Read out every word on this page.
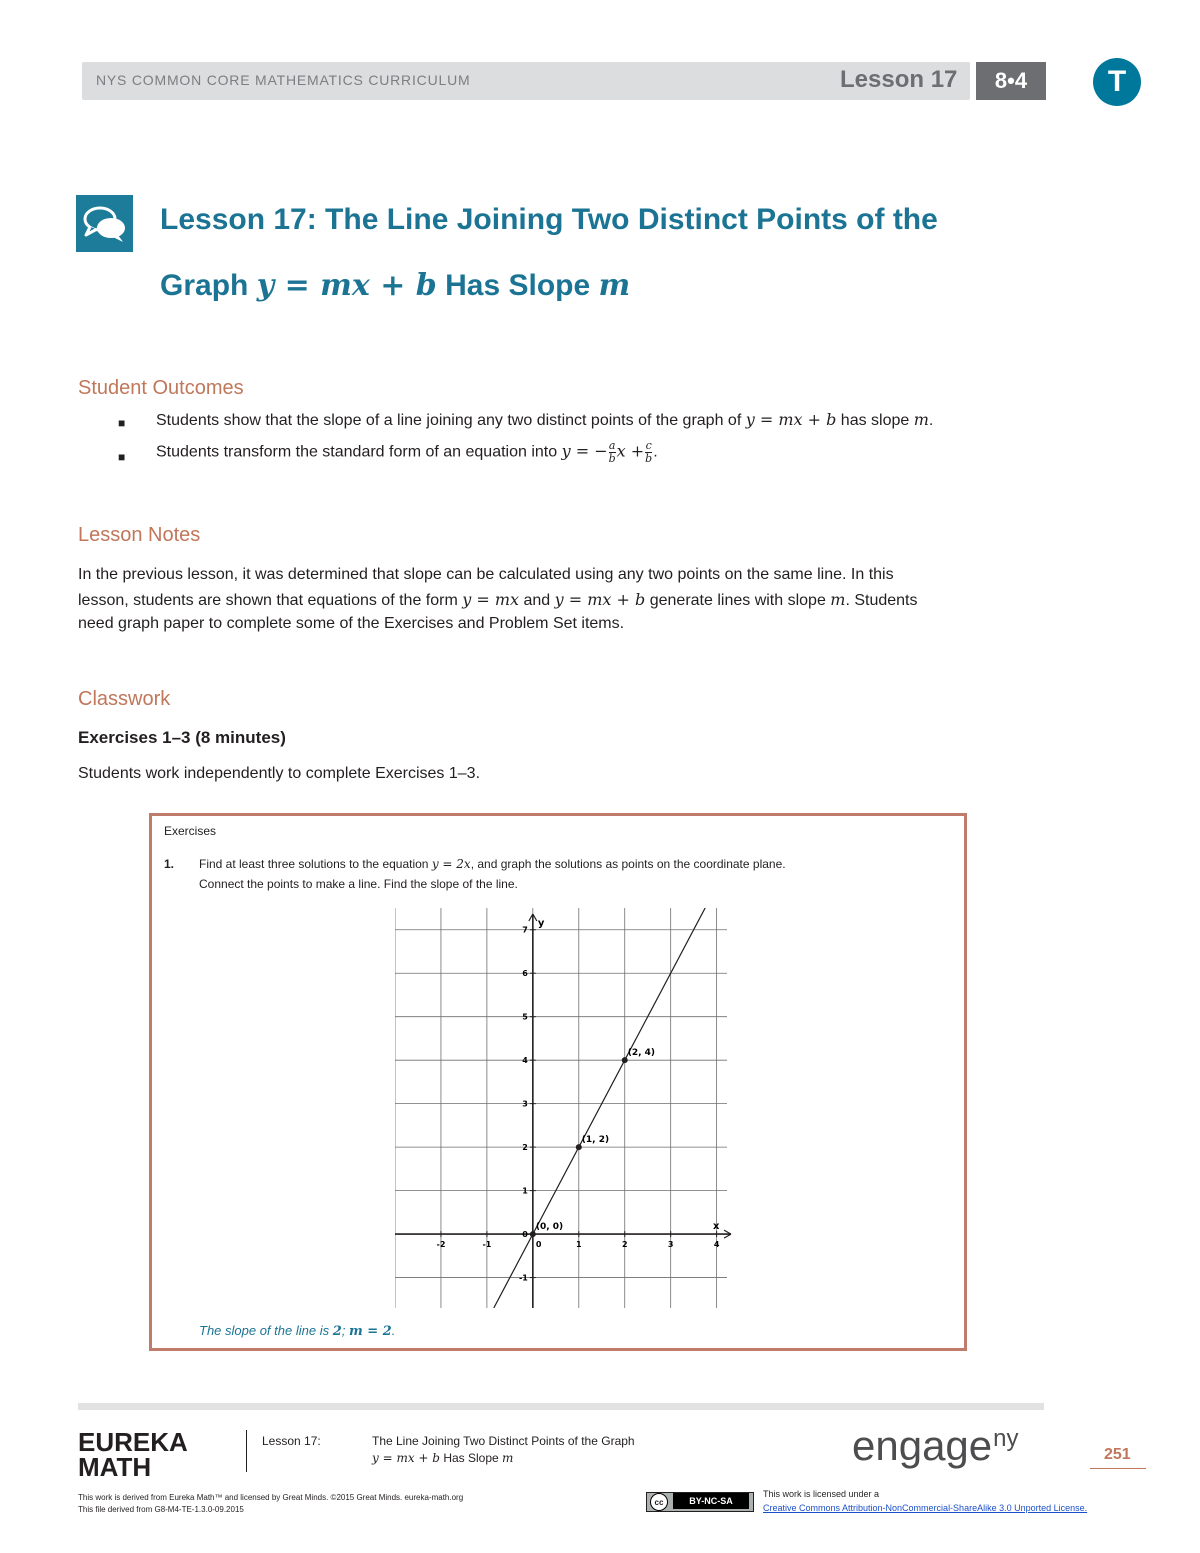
NYS COMMON CORE MATHEMATICS CURRICULUM	Lesson 17	8•4	T
Lesson 17: The Line Joining Two Distinct Points of the
Graph y = mx + b Has Slope m
Student Outcomes
■ Students show that the slope of a line joining any two distinct points of the graph of y = mx + b has slope m.
■ Students transform the standard form of an equation into y = − $\frac{a}{b}$ $x + \frac{c}{b}$ .
Lesson Notes
In the previous lesson, it was determined that slope can be calculated using any two points on the same line. In this
lesson, students are shown that equations of the form y = mx and y = mx + b generate lines with slope m. Students
need graph paper to complete some of the Exercises and Problem Set items.
Classwork
Exercises 1–3 (8 minutes)
Students work independently to complete Exercises 1–3.
Exercises
1. Find at least three solutions to the equation y = 2x, and graph the solutions as points on the coordinate plane.
Connect the points to make a line. Find the slope of the line.
x
y
-2	-1	1	2	3	4
-1
0
1
2
3
4
5
6
7
0
(0, 0)
(1, 2)
(2, 4)
The slope of the line is 2; m = 2.
EUREKA
MATH
Lesson 17:	The Line Joining Two Distinct Points of the Graph
y = mx + b Has Slope m	engage$^{ny}$
251
This work is derived from Eureka Math™ and licensed by Great Minds. ©2015 Great Minds. eureka-math.org
This file derived from G8-M4-TE-1.3.0-09.2015
cc	BY-NC-SA
This work is licensed under a
Creative Commons Attribution-NonCommercial-ShareAlike 3.0 Unported License.
